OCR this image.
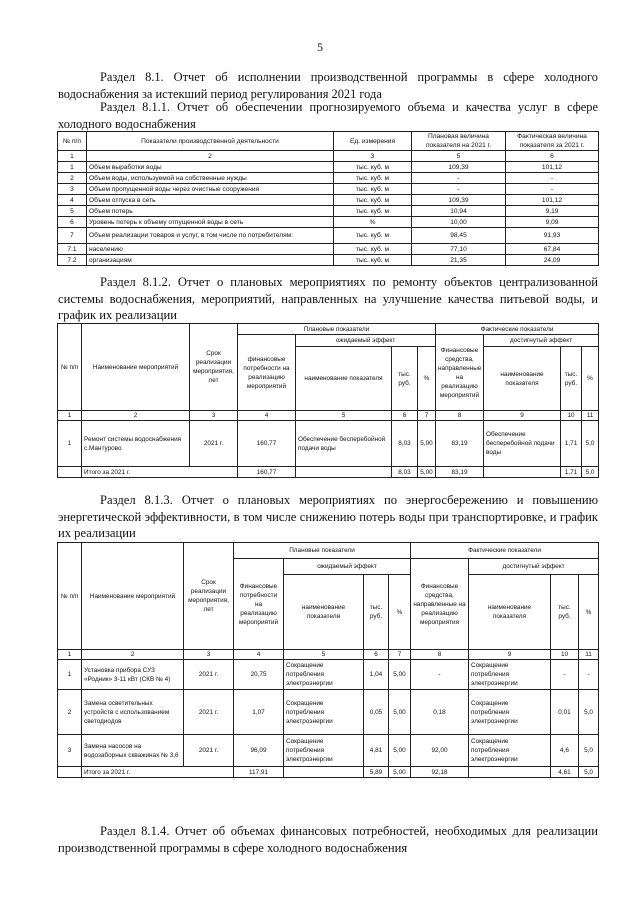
5
Раздел 8.1. Отчет об исполнении производственной программы в сфере холодного водоснабжения за истекший период регулирования 2021 года
Раздел 8.1.1. Отчет об обеспечении прогнозируемого объема и качества услуг в сфере холодного водоснабжения
№ п/п	Показатели производственной деятельности	Ед. измерения	Плановая величина показателя на 2021 г.	Фактическая величина показателя за 2021 г.
1	2	3	5	6
1	Объем выработки воды	тыс. куб. м	109,39	101,12
2	Объем воды, используемой на собственные нужды	тыс. куб. м	-	-
3	Объем пропущенной воды через очистные сооружения	тыс. куб. м	-	-
4	Объем отпуска в сеть	тыс. куб. м	109,39	101,12
5	Объем потерь	тыс. куб. м	10,94	9,19
6	Уровень потерь к объему отпущенной воды в сеть	%	10,00	9,09
7	Объем реализации товаров и услуг, в том числе по потребителям:	тыс. куб. м	98,45	91,93
7.1	населению	тыс. куб. м	77,10	67,84
7.2	организациям	тыс. куб. м	21,35	24,09
Раздел 8.1.2. Отчет о плановых мероприятиях по ремонту объектов централизованной системы водоснабжения, мероприятий, направленных на улучшение качества питьевой воды, и график их реализации
№ п/п	Наименование мероприятий	Срок реализации мероприятия, лет	Плановые показатели				Фактические показатели			
			финансовые потребности на реализацию мероприятий	ожидаемый эффект			Финансовые средства, направленные на реализацию мероприятий	достигнутый эффект		
				наименование показателя	тыс. руб.	%		наименование показателя	тыс. руб.	%
1	2	3	4	5	6	7	8	9	10	11
1	Ремонт системы водоснабжения с.Мантурово	2021 г.	160,77	Обеспечение бесперебойной подачи воды	8,03	5,00	83,19	Обеспечение бесперебойной подачи воды	1,71	5,0
	Итого за 2021 г.		160,77		8,03	5,00	83,19		1,71	5,0
Раздел 8.1.3. Отчет о плановых мероприятиях по энергосбережению и повышению энергетической эффективности, в том числе снижению потерь воды при транспортировке, и график их реализации
№ п/п	Наименование мероприятий	Срок реализации мероприятия, лет	Плановые показатели				Фактические показатели			
			Финансовые потребности на реализацию мероприятий	ожидаемый эффект			Финансовые средства, направленные на реализацию мероприятия	достигнутый эффект		
				наименование показателя	тыс. руб.	%		наименование показателя	тыс. руб.	%
1	2	3	4	5	6	7	8	9	10	11
1	Установка прибора СУЗ «Родник» 3-11 кВт (СКВ № 4)	2021 г.	20,75	Сокращение потребления электроэнергии	1,04	5,00	-	Сокращение потребления электроэнергии	-	-
2	Замена осветительных устройств с использованием светодиодов	2021 г.	1,07	Сокращение потребления электроэнергии	0,05	5,00	0,18	Сокращение потребления электроэнергии	0,01	5,0
3	Замена насосов на водозаборных скважинах № 3,6	2021 г.	96,09	Сокращение потребления электроэнергии	4,81	5,00	92,00	Сокращение потребления электроэнергии	4,6	5,0
	Итого за 2021 г.		117,91		5,89	5,00	92,18		4,61	5,0
Раздел 8.1.4. Отчет об объемах финансовых потребностей, необходимых для реализации производственной программы в сфере холодного водоснабжения
